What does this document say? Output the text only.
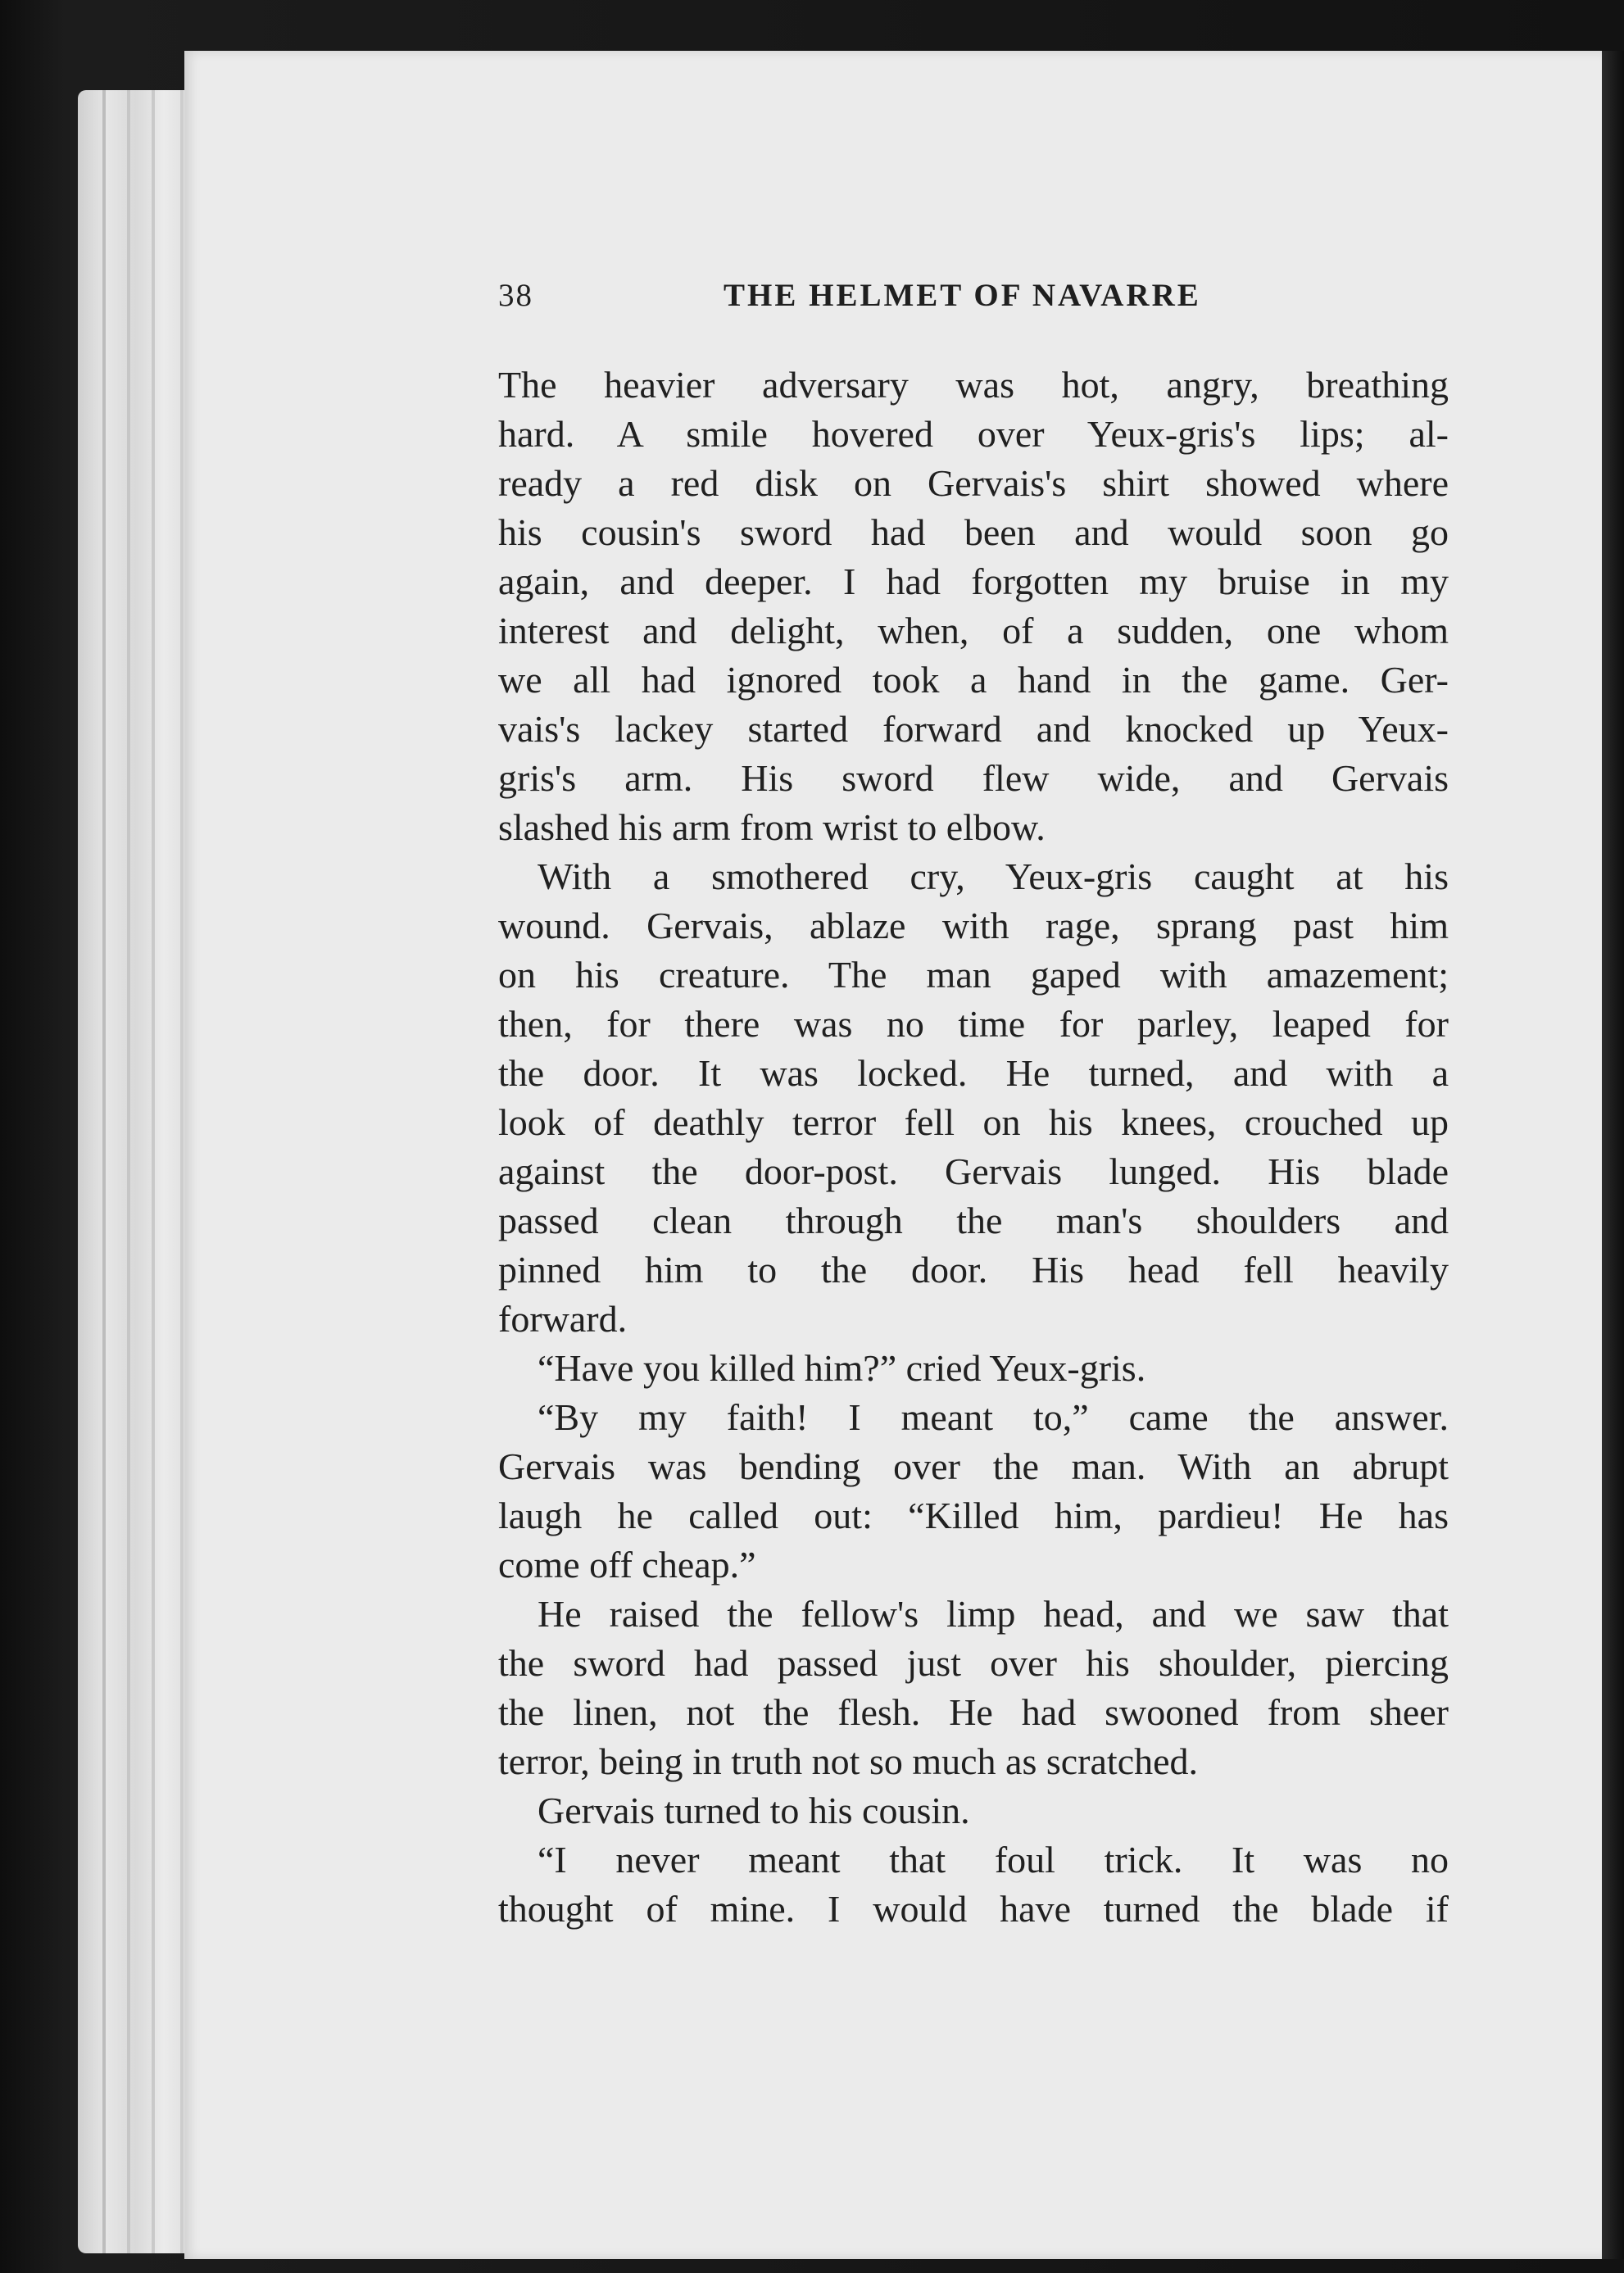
38	THE HELMET OF NAVARRE
The heavier adversary was hot, angry, breathing
hard. A smile hovered over Yeux-gris's lips; al-
ready a red disk on Gervais's shirt showed where
his cousin's sword had been and would soon go
again, and deeper. I had forgotten my bruise in my
interest and delight, when, of a sudden, one whom
we all had ignored took a hand in the game. Ger-
vais's lackey started forward and knocked up Yeux-
gris's arm. His sword flew wide, and Gervais
slashed his arm from wrist to elbow.
With a smothered cry, Yeux-gris caught at his
wound. Gervais, ablaze with rage, sprang past him
on his creature. The man gaped with amazement;
then, for there was no time for parley, leaped for
the door. It was locked. He turned, and with a
look of deathly terror fell on his knees, crouched up
against the door-post. Gervais lunged. His blade
passed clean through the man's shoulders and
pinned him to the door. His head fell heavily
forward.
“Have you killed him?” cried Yeux-gris.
“By my faith! I meant to,” came the answer.
Gervais was bending over the man. With an abrupt
laugh he called out: “Killed him, pardieu! He has
come off cheap.”
He raised the fellow's limp head, and we saw that
the sword had passed just over his shoulder, piercing
the linen, not the flesh. He had swooned from sheer
terror, being in truth not so much as scratched.
Gervais turned to his cousin.
“I never meant that foul trick. It was no
thought of mine. I would have turned the blade if
